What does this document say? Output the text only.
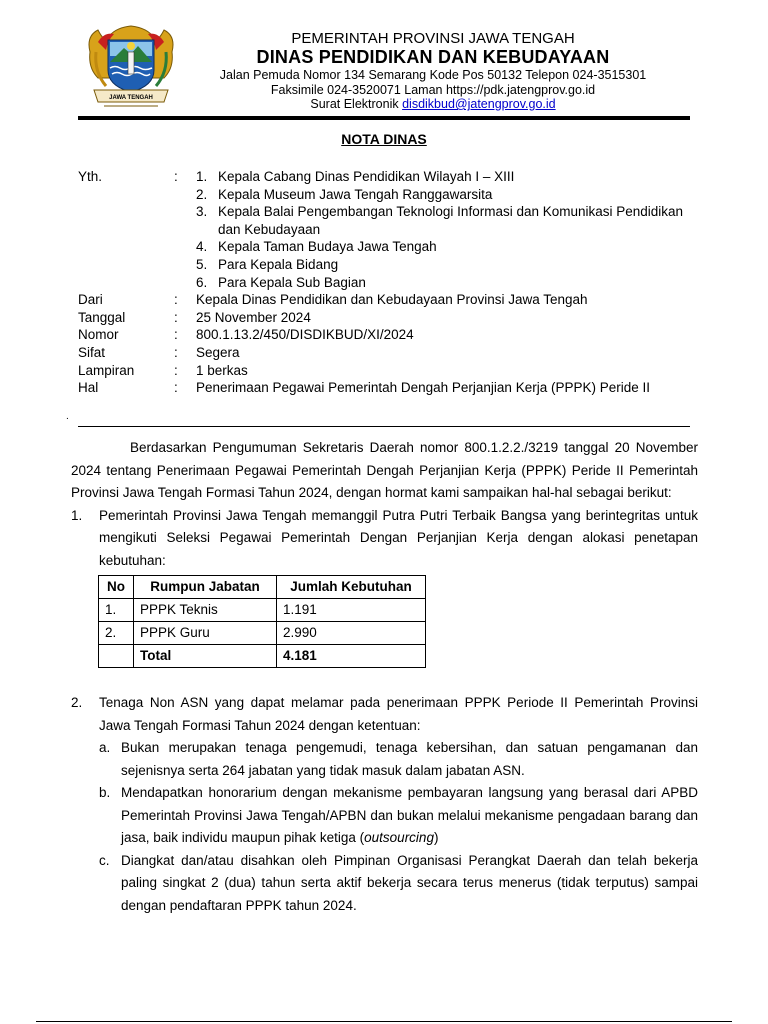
JAWA TENGAH
PEMERINTAH PROVINSI JAWA TENGAH
DINAS PENDIDIKAN DAN KEBUDAYAAN
Jalan Pemuda Nomor 134 Semarang Kode Pos 50132 Telepon 024-3515301
Faksimile 024-3520071 Laman https://pdk.jatengprov.go.id
Surat Elektronik disdikbud@jatengprov.go.id
NOTA DINAS
Yth.	:	1. Kepala Cabang Dinas Pendidikan Wilayah I – XIII
2. Kepala Museum Jawa Tengah Ranggawarsita
3. Kepala Balai Pengembangan Teknologi Informasi dan Komunikasi Pendidikan dan Kebudayaan
4. Kepala Taman Budaya Jawa Tengah
5. Para Kepala Bidang
6. Para Kepala Sub Bagian
Dari	:	Kepala Dinas Pendidikan dan Kebudayaan Provinsi Jawa Tengah
Tanggal	:	25 November 2024
Nomor	:	800.1.13.2/450/DISDIKBUD/XI/2024
Sifat	:	Segera
Lampiran	:	1 berkas
Hal	:	Penerimaan Pegawai Pemerintah Dengah Perjanjian Kerja (PPPK) Peride II
.

Berdasarkan Pengumuman Sekretaris Daerah nomor 800.1.2.2./3219 tanggal 20 November 2024 tentang Penerimaan Pegawai Pemerintah Dengah Perjanjian Kerja (PPPK) Peride II Pemerintah Provinsi Jawa Tengah Formasi Tahun 2024, dengan hormat kami sampaikan hal-hal sebagai berikut:

1.	Pemerintah Provinsi Jawa Tengah memanggil Putra Putri Terbaik Bangsa yang berintegritas untuk mengikuti Seleksi Pegawai Pemerintah Dengan Perjanjian Kerja dengan alokasi penetapan kebutuhan:
No	Rumpun Jabatan	Jumlah Kebutuhan
1.	PPPK Teknis	1.191
2.	PPPK Guru	2.990
	Total	4.181
2.	Tenaga Non ASN yang dapat melamar pada penerimaan PPPK Periode II Pemerintah Provinsi Jawa Tengah Formasi Tahun 2024 dengan ketentuan:
a. Bukan merupakan tenaga pengemudi, tenaga kebersihan, dan satuan pengamanan dan sejenisnya serta 264 jabatan yang tidak masuk dalam jabatan ASN.
b. Mendapatkan honorarium dengan mekanisme pembayaran langsung yang berasal dari APBD Pemerintah Provinsi Jawa Tengah/APBN dan bukan melalui mekanisme pengadaan barang dan jasa, baik individu maupun pihak ketiga (outsourcing)
c. Diangkat dan/atau disahkan oleh Pimpinan Organisasi Perangkat Daerah dan telah bekerja paling singkat 2 (dua) tahun serta aktif bekerja secara terus menerus (tidak terputus) sampai dengan pendaftaran PPPK tahun 2024.
